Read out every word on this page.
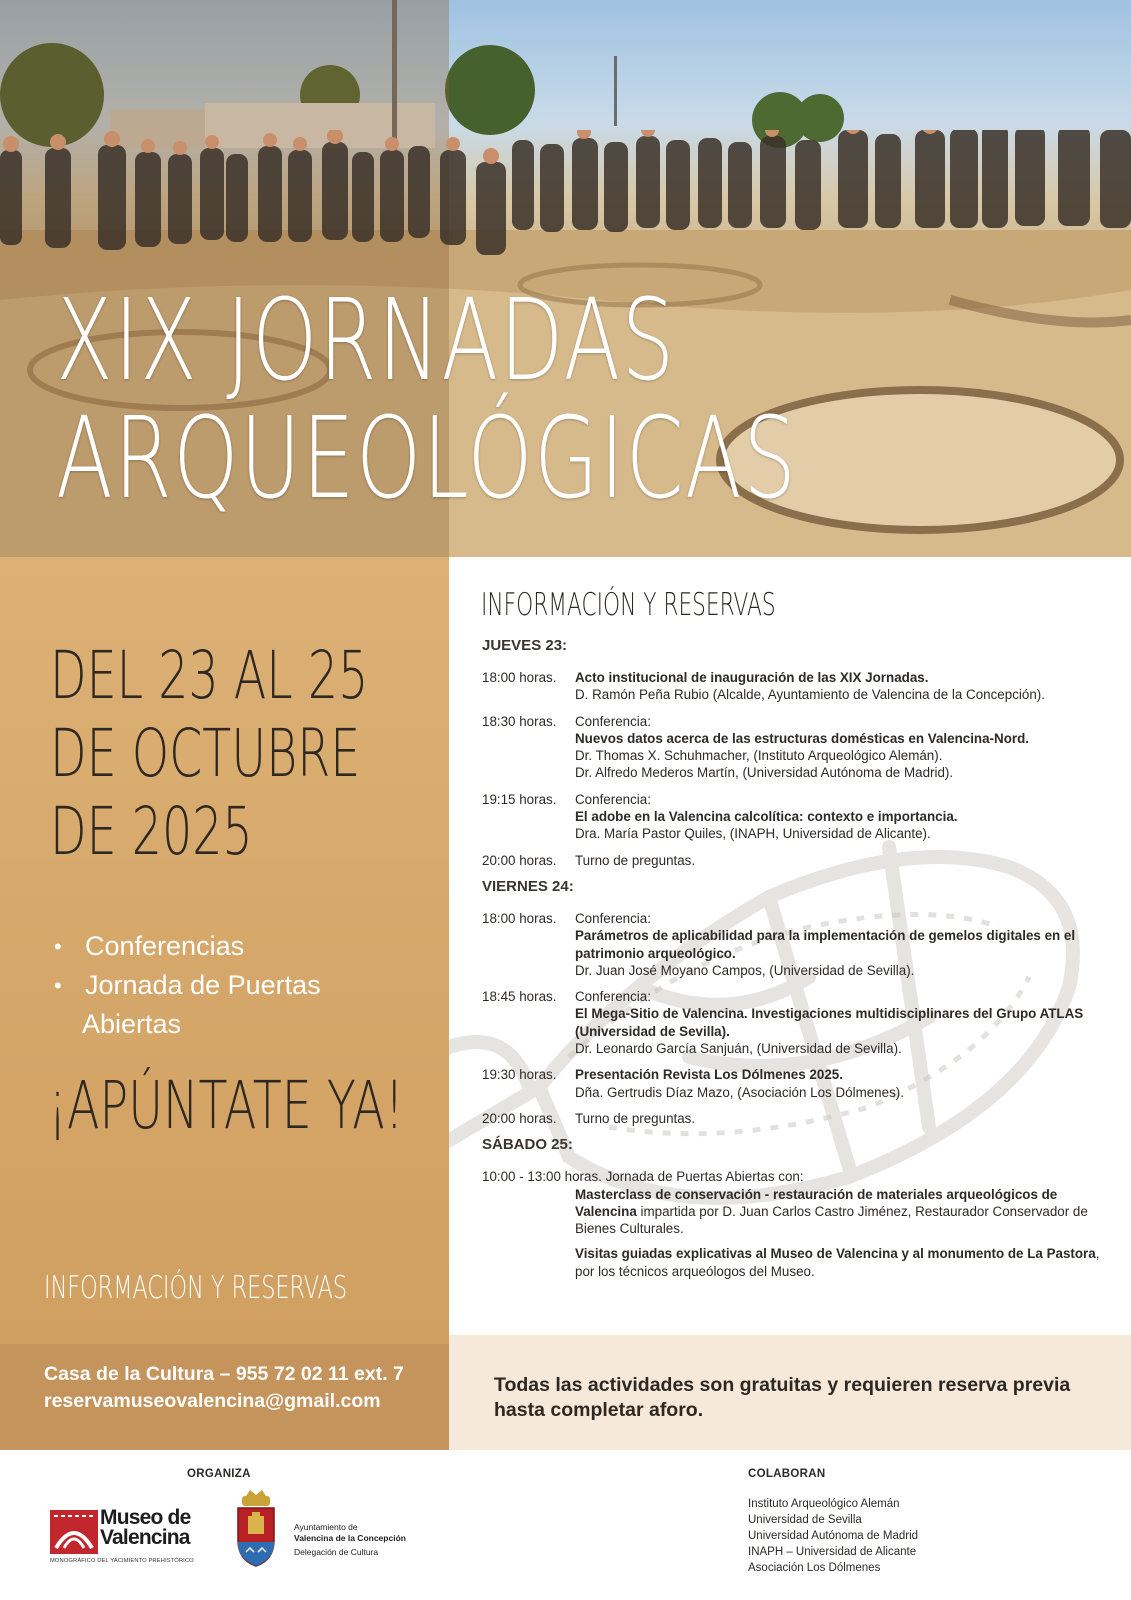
XIX JORNADAS
ARQUEOLÓGICAS
DEL 23 AL 25
DE OCTUBRE
DE 2025
• Conferencias
• Jornada de Puertas
Abiertas
¡APÚNTATE YA!
INFORMACIÓN Y RESERVAS
Casa de la Cultura – 955 72 02 11 ext. 7
reservamuseovalencina@gmail.com
INFORMACIÓN Y RESERVAS
JUEVES 23:
18:00 horas.	Acto institucional de inauguración de las XIX Jornadas.
D. Ramón Peña Rubio (Alcalde, Ayuntamiento de Valencina de la Concepción).
18:30 horas.	Conferencia:
Nuevos datos acerca de las estructuras domésticas en Valencina-Nord.
Dr. Thomas X. Schuhmacher, (Instituto Arqueológico Alemán).
Dr. Alfredo Mederos Martín, (Universidad Autónoma de Madrid).
19:15 horas.	Conferencia:
El adobe en la Valencina calcolítica: contexto e importancia.
Dra. María Pastor Quiles, (INAPH, Universidad de Alicante).
20:00 horas.	Turno de preguntas.
VIERNES 24:
18:00 horas.	Conferencia:
Parámetros de aplicabilidad para la implementación de gemelos digitales en el patrimonio arqueológico.
Dr. Juan José Moyano Campos, (Universidad de Sevilla).
18:45 horas.	Conferencia:
El Mega-Sitio de Valencina. Investigaciones multidisciplinares del Grupo ATLAS (Universidad de Sevilla).
Dr. Leonardo García Sanjuán, (Universidad de Sevilla).
19:30 horas.	Presentación Revista Los Dólmenes 2025.
Dña. Gertrudis Díaz Mazo, (Asociación Los Dólmenes).
20:00 horas.	Turno de preguntas.
SÁBADO 25:
10:00 - 13:00 horas. Jornada de Puertas Abiertas con:
Masterclass de conservación - restauración de materiales arqueológicos de Valencina impartida por D. Juan Carlos Castro Jiménez, Restaurador Conservador de Bienes Culturales.
Visitas guiadas explicativas al Museo de Valencina y al monumento de La Pastora, por los técnicos arqueólogos del Museo.
Todas las actividades son gratuitas y requieren reserva previa hasta completar aforo.
ORGANIZA
Museo de
Valencina
MONOGRÁFICO DEL YACIMIENTO PREHISTÓRICO
Ayuntamiento de
Valencina de la Concepción
Delegación de Cultura
COLABORAN
Instituto Arqueológico Alemán
Universidad de Sevilla
Universidad Autónoma de Madrid
INAPH – Universidad de Alicante
Asociación Los Dólmenes
